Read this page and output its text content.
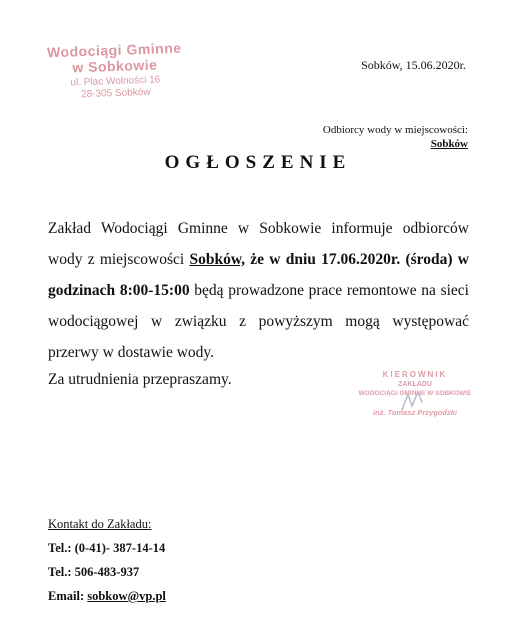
Wodociągi Gminne
w Sobkowie
ul. Plac Wolności 16
28-305 Sobków
Sobków, 15.06.2020r.
Odbiorcy wody w miejscowości:
Sobków
OGŁOSZENIE
Zakład Wodociągi Gminne w Sobkowie informuje odbiorców wody z miejscowości Sobków, że w dniu 17.06.2020r. (środa) w godzinach 8:00-15:00 będą prowadzone prace remontowe na sieci wodociągowej w związku z powyższym mogą występować przerwy w dostawie wody.
Za utrudnienia przepraszamy.	KIEROWNIK
ZAKŁADU
WODOCIĄGI GMINNE W SOBKOWIE
inż. Tomasz Przygodzki
Kontakt do Zakładu:
Tel.: (0-41)- 387-14-14
Tel.: 506-483-937
Email: sobkow@vp.pl
